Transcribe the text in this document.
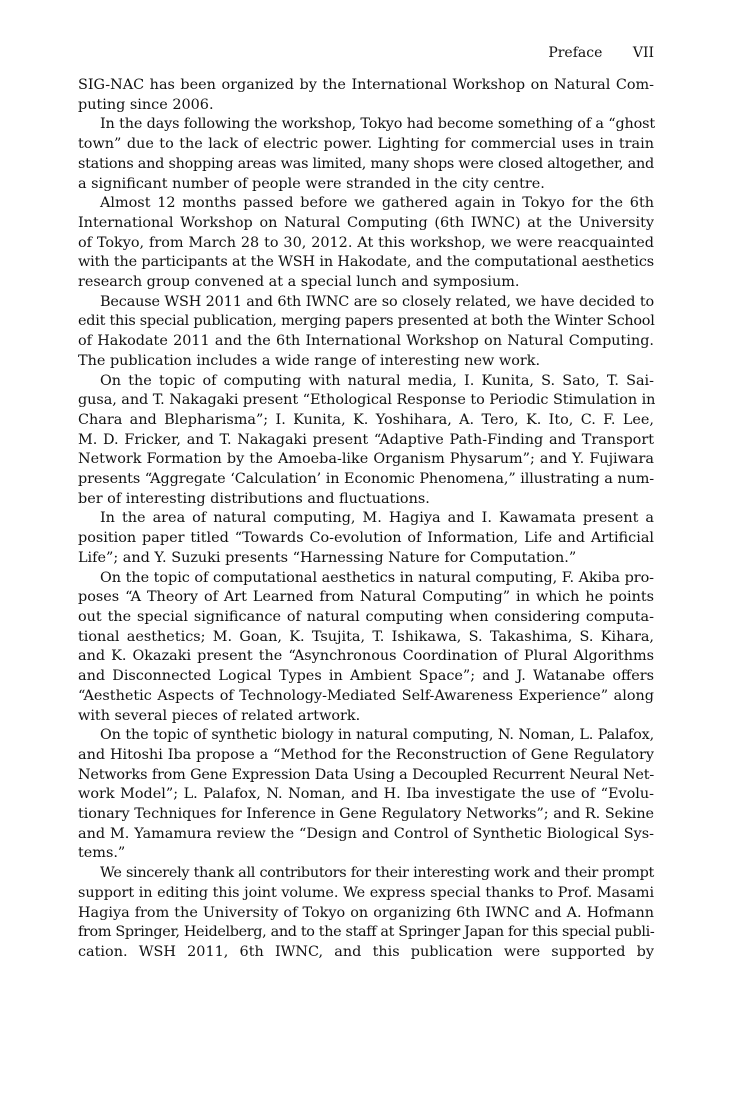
Preface VII
SIG-NAC has been organized by the International Workshop on Natural Com-
puting since 2006.
In the days following the workshop, Tokyo had become something of a “ghost
town” due to the lack of electric power. Lighting for commercial uses in train
stations and shopping areas was limited, many shops were closed altogether, and
a significant number of people were stranded in the city centre.
Almost 12 months passed before we gathered again in Tokyo for the 6th
International Workshop on Natural Computing (6th IWNC) at the University
of Tokyo, from March 28 to 30, 2012. At this workshop, we were reacquainted
with the participants at the WSH in Hakodate, and the computational aesthetics
research group convened at a special lunch and symposium.
Because WSH 2011 and 6th IWNC are so closely related, we have decided to
edit this special publication, merging papers presented at both the Winter School
of Hakodate 2011 and the 6th International Workshop on Natural Computing.
The publication includes a wide range of interesting new work.
On the topic of computing with natural media, I. Kunita, S. Sato, T. Sai-
gusa, and T. Nakagaki present “Ethological Response to Periodic Stimulation in
Chara and Blepharisma”; I. Kunita, K. Yoshihara, A. Tero, K. Ito, C. F. Lee,
M. D. Fricker, and T. Nakagaki present “Adaptive Path-Finding and Transport
Network Formation by the Amoeba-like Organism Physarum”; and Y. Fujiwara
presents “Aggregate ‘Calculation’ in Economic Phenomena,” illustrating a num-
ber of interesting distributions and fluctuations.
In the area of natural computing, M. Hagiya and I. Kawamata present a
position paper titled “Towards Co-evolution of Information, Life and Artificial
Life”; and Y. Suzuki presents “Harnessing Nature for Computation.”
On the topic of computational aesthetics in natural computing, F. Akiba pro-
poses “A Theory of Art Learned from Natural Computing” in which he points
out the special significance of natural computing when considering computa-
tional aesthetics; M. Goan, K. Tsujita, T. Ishikawa, S. Takashima, S. Kihara,
and K. Okazaki present the “Asynchronous Coordination of Plural Algorithms
and Disconnected Logical Types in Ambient Space”; and J. Watanabe offers
“Aesthetic Aspects of Technology-Mediated Self-Awareness Experience” along
with several pieces of related artwork.
On the topic of synthetic biology in natural computing, N. Noman, L. Palafox,
and Hitoshi Iba propose a “Method for the Reconstruction of Gene Regulatory
Networks from Gene Expression Data Using a Decoupled Recurrent Neural Net-
work Model”; L. Palafox, N. Noman, and H. Iba investigate the use of “Evolu-
tionary Techniques for Inference in Gene Regulatory Networks”; and R. Sekine
and M. Yamamura review the “Design and Control of Synthetic Biological Sys-
tems.”
We sincerely thank all contributors for their interesting work and their prompt
support in editing this joint volume. We express special thanks to Prof. Masami
Hagiya from the University of Tokyo on organizing 6th IWNC and A. Hofmann
from Springer, Heidelberg, and to the staff at Springer Japan for this special publi-
cation. WSH 2011, 6th IWNC, and this publication were supported by
